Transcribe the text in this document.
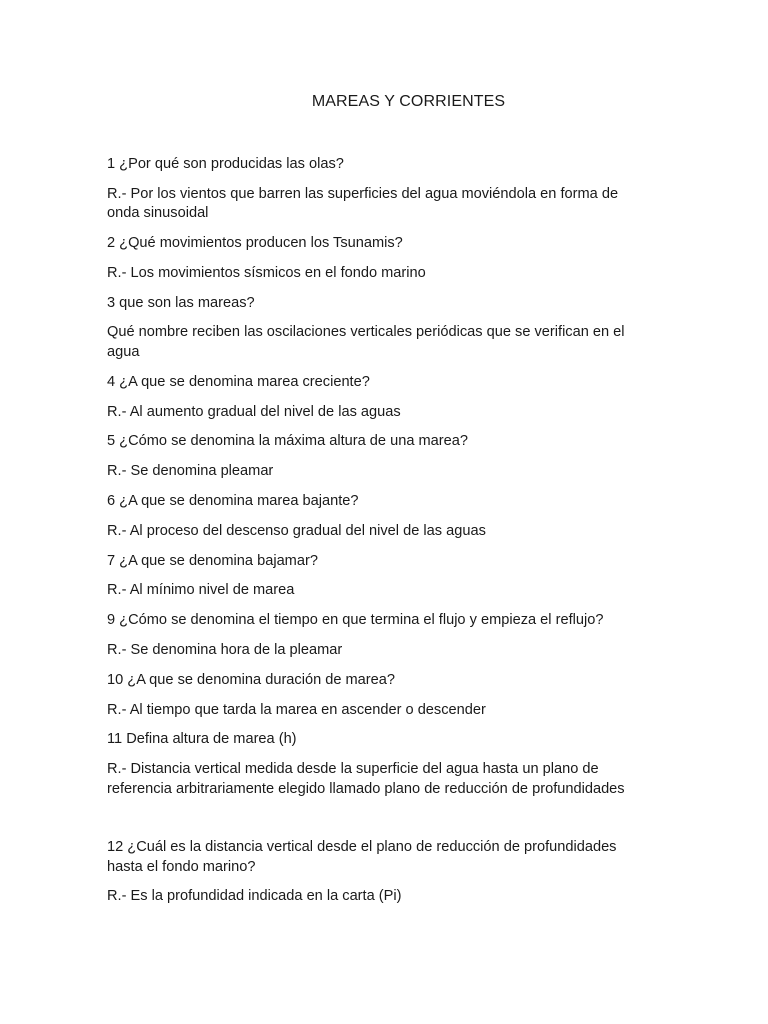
MAREAS Y CORRIENTES

1 ¿Por qué son producidas las olas?

R.- Por los vientos que barren las superficies del agua moviéndola en forma de onda sinusoidal

2 ¿Qué movimientos producen los Tsunamis?

R.- Los movimientos sísmicos en el fondo marino

3 que son las mareas?

Qué nombre reciben las oscilaciones verticales periódicas que se verifican en el agua

4 ¿A que se denomina marea creciente?

R.- Al aumento gradual del nivel de las aguas

5 ¿Cómo se denomina la máxima altura de una marea?

R.- Se denomina pleamar

6 ¿A que se denomina marea bajante?

R.- Al proceso del descenso gradual del nivel de las aguas

7 ¿A que se denomina bajamar?

R.- Al mínimo nivel de marea

9 ¿Cómo se denomina el tiempo en que termina el flujo y empieza el reflujo?

R.- Se denomina hora de la pleamar

10 ¿A que se denomina duración de marea?

R.- Al tiempo que tarda la marea en ascender o descender

11 Defina altura de marea (h)

R.- Distancia vertical medida desde la superficie del agua hasta un plano de referencia arbitrariamente elegido llamado plano de reducción de profundidades

12 ¿Cuál es la distancia vertical desde el plano de reducción de profundidades hasta el fondo marino?

R.- Es la profundidad indicada en la carta (Pi)
